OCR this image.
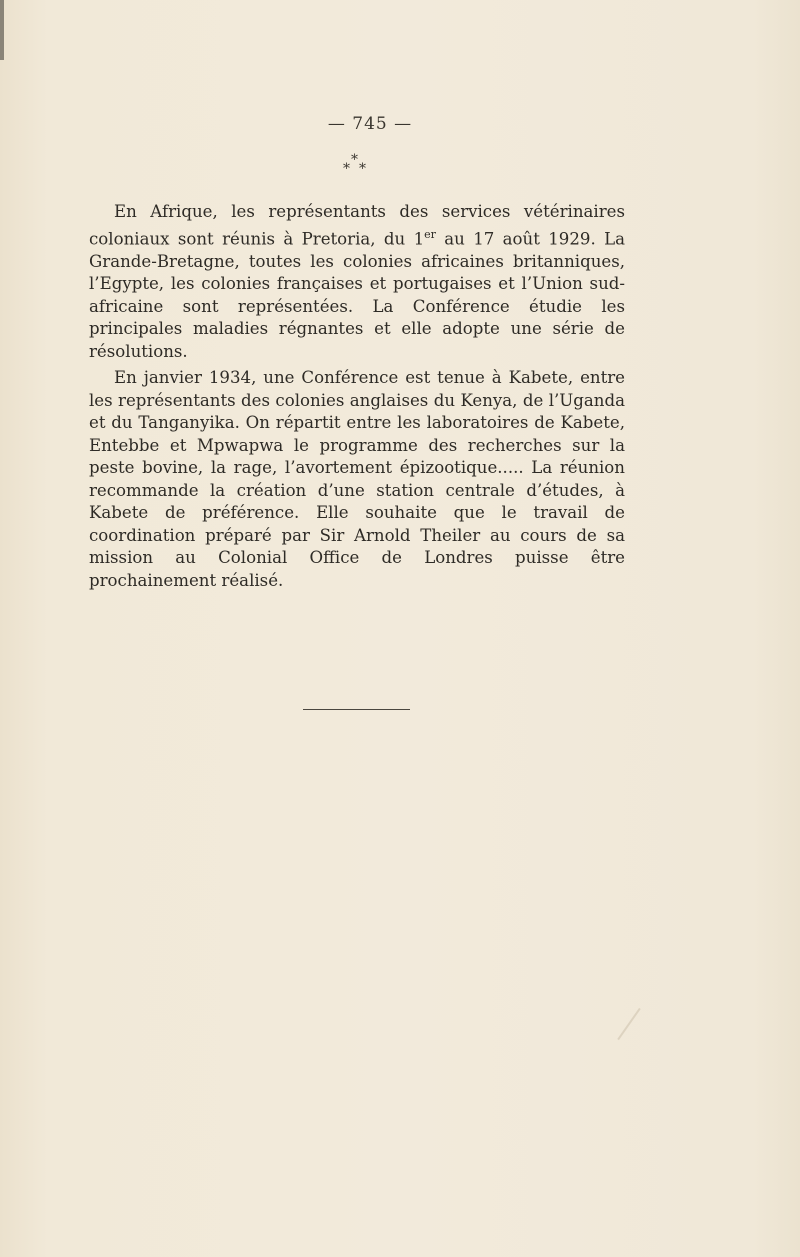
— 745 —
*
* *

En Afrique, les représentants des services vétérinaires coloniaux sont réunis à Pretoria, du 1er au 17 août 1929. La Grande-Bretagne, toutes les colonies africaines britanniques, l’Egypte, les colonies françaises et portugaises et l’Union sud-africaine sont représentées. La Conférence étudie les principales maladies régnantes et elle adopte une série de résolutions.

En janvier 1934, une Conférence est tenue à Kabete, entre les représentants des colonies anglaises du Kenya, de l’Uganda et du Tanganyika. On répartit entre les laboratoires de Kabete, Entebbe et Mpwapwa le programme des recherches sur la peste bovine, la rage, l’avortement épizootique..... La réunion recommande la création d’une station centrale d’études, à Kabete de préférence. Elle souhaite que le travail de coordination préparé par Sir Arnold Theiler au cours de sa mission au Colonial Office de Londres puisse être prochainement réalisé.
